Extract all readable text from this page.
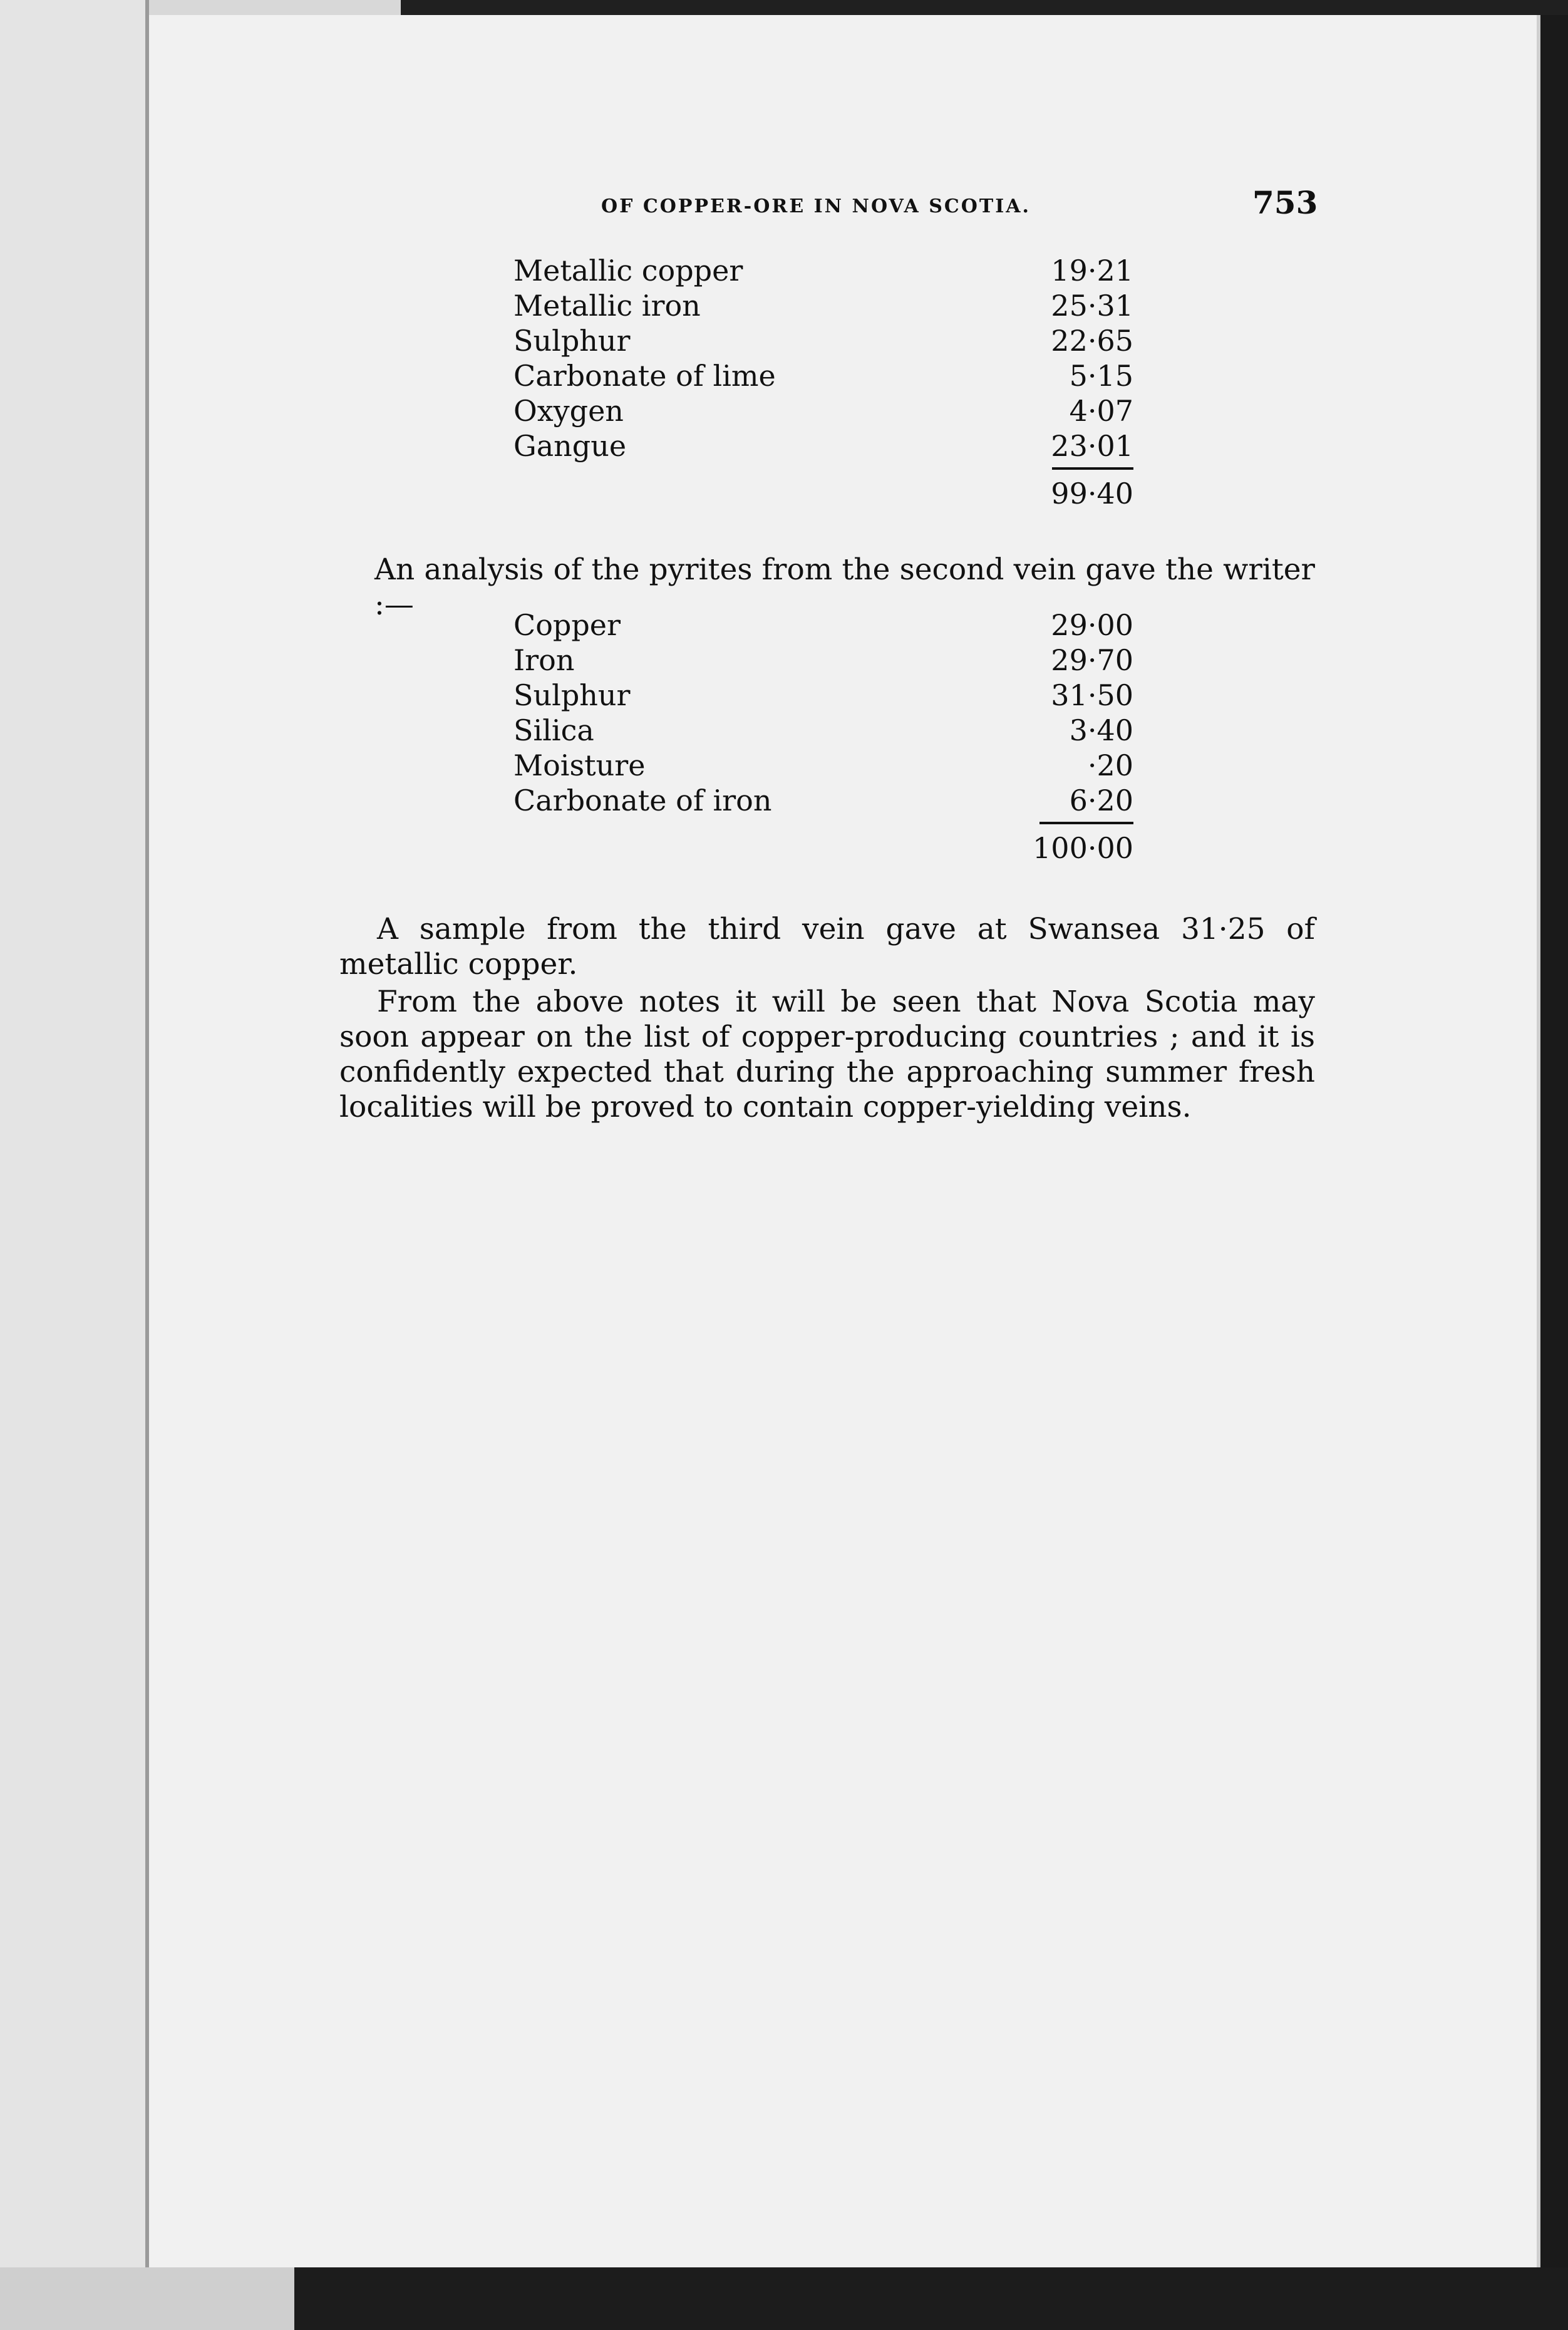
OF COPPER-ORE IN NOVA SCOTIA.	753
Metallic copper	19·21
Metallic iron	25·31
Sulphur	22·65
Carbonate of lime	5·15
Oxygen	4·07
Gangue	23·01
99·40
An analysis of the pyrites from the second vein gave the writer :—
Copper	29·00
Iron	29·70
Sulphur	31·50
Silica	3·40
Moisture	·20
Carbonate of iron	6·20
100·00
A sample from the third vein gave at Swansea 31·25 of metallic copper.
From the above notes it will be seen that Nova Scotia may soon appear on the list of copper-producing countries ; and it is confidently expected that during the approaching summer fresh localities will be proved to contain copper-yielding veins.
